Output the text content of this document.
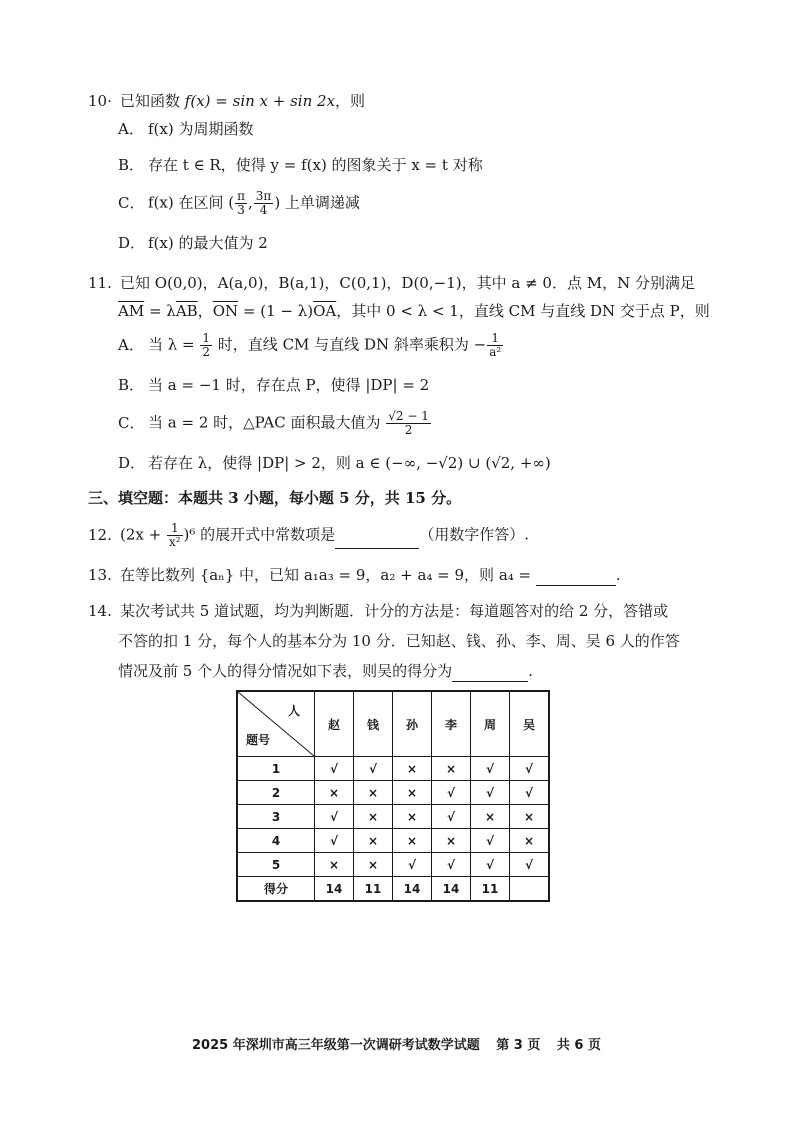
10· 已知函数 f(x) = sin x + sin 2x，则
A． f(x) 为周期函数
B． 存在 t ∈ R，使得 y = f(x) 的图象关于 x = t 对称
C． f(x) 在区间 ( $\frac{\pi}{3}$ , $\frac{3\pi}{4}$ ) 上单调递减
D． f(x) 的最大值为 2
11. 已知 O(0,0)，A(a,0)，B(a,1)，C(0,1)，D(0,−1)，其中 a ≠ 0．点 M，N 分别满足
$\overline{AM} = \lambda\overline{AB}$，$\overline{ON} = (1 - \lambda)\overline{OA}$，其中 0 < λ < 1，直线 CM 与直线 DN 交于点 P，则
A． 当 $\lambda = \frac{1}{2}$ 时，直线 CM 与直线 DN 斜率乘积为 − $\frac{1}{\text{a²}}$
B． 当 a = −1 时，存在点 P，使得 |DP| = 2
C． 当 a = 2 时，△PAC 面积最大值为 $\frac{√2 - 1}{2}$
D． 若存在 λ，使得 |DP| > 2，则 a ∈ (−∞, −√2) ∪ (√2, +∞)
三、填空题：本题共 3 小题，每小题 5 分，共 15 分。
12. $(2x + \frac{1}{\text{x²}} )^6$ 的展开式中常数项是	（用数字作答）.
13. 在等比数列 {aₙ} 中，已知 a₁a₃ = 9，a₂ + a₄ = 9，则 a₄ =	.
14. 某次考试共 5 道试题，均为判断题．计分的方法是：每道题答对的给 2 分，答错或
不答的扣 1 分，每个人的基本分为 10 分．已知赵、钱、孙、李、周、吴 6 人的作答
情况及前 5 个人的得分情况如下表，则吴的得分为	.
人
题号	赵	钱	孙	李	周	吴
1	√	√	×	×	√	√
2	×	×	×	√	√	√
3	√	×	×	√	×	×
4	√	×	×	×	√	×
5	×	×	√	√	√	√
得分	14	11	14	14	11	
2025 年深圳市高三年级第一次调研考试数学试题 第 3 页 共 6 页
